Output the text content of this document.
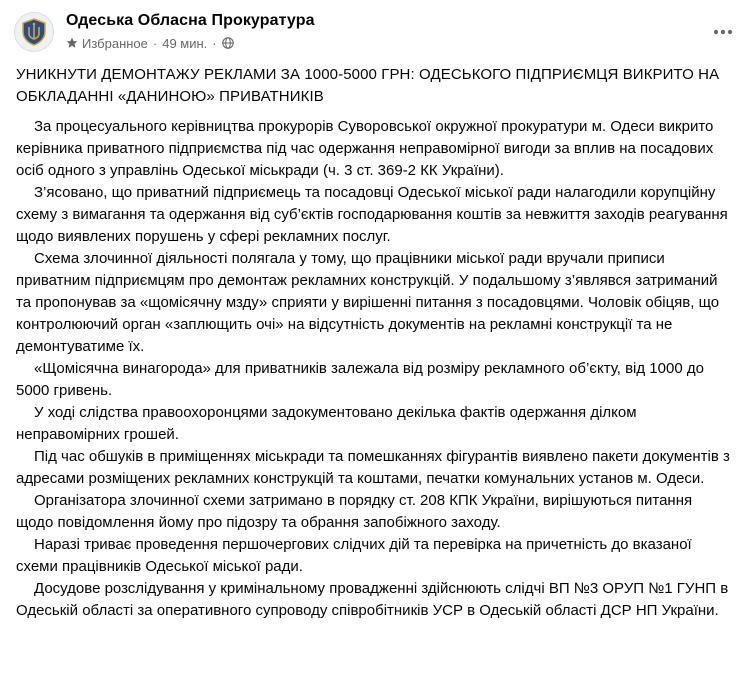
Одеська Обласна Прокуратура
Избранное · 49 мин. ·

УНИКНУТИ ДЕМОНТАЖУ РЕКЛАМИ ЗА 1000-5000 ГРН: ОДЕСЬКОГО ПІДПРИЄМЦЯ ВИКРИТО НА ОБКЛАДАННІ «ДАНИНОЮ» ПРИВАТНИКІВ

За процесуального керівництва прокурорів Суворовської окружної прокуратури м. Одеси викрито керівника приватного підприємства під час одержання неправомірної вигоди за вплив на посадових осіб одного з управлінь Одеської міськради (ч. 3 ст. 369-2 КК України).

З’ясовано, що приватний підприємець та посадовці Одеської міської ради налагодили корупційну схему з вимагання та одержання від суб’єктів господарювання коштів за невжиття заходів реагування щодо виявлених порушень у сфері рекламних послуг.

Схема злочинної діяльності полягала у тому, що працівники міської ради вручали приписи приватним підприємцям про демонтаж рекламних конструкцій. У подальшому з’являвся затриманий та пропонував за «щомісячну мзду» сприяти у вирішенні питання з посадовцями. Чоловік обіцяв, що контролюючий орган «заплющить очі» на відсутність документів на рекламні конструкції та не демонтуватиме їх.

«Щомісячна винагорода» для приватників залежала від розміру рекламного об’єкту, від 1000 до 5000 гривень.

У ході слідства правоохоронцями задокументовано декілька фактів одержання ділком неправомірних грошей.

Під час обшуків в приміщеннях міськради та помешканнях фігурантів виявлено пакети документів з адресами розміщених рекламних конструкцій та коштами, печатки комунальних установ м. Одеси.

Організатора злочинної схеми затримано в порядку ст. 208 КПК України, вирішуються питання щодо повідомлення йому про підозру та обрання запобіжного заходу.

Наразі триває проведення першочергових слідчих дій та перевірка на причетність до вказаної схеми працівників Одеської міської ради.

Досудове розслідування у кримінальному провадженні здійснюють слідчі ВП №3 ОРУП №1 ГУНП в Одеській області за оперативного супроводу співробітників УСР в Одеській області ДСР НП України.
